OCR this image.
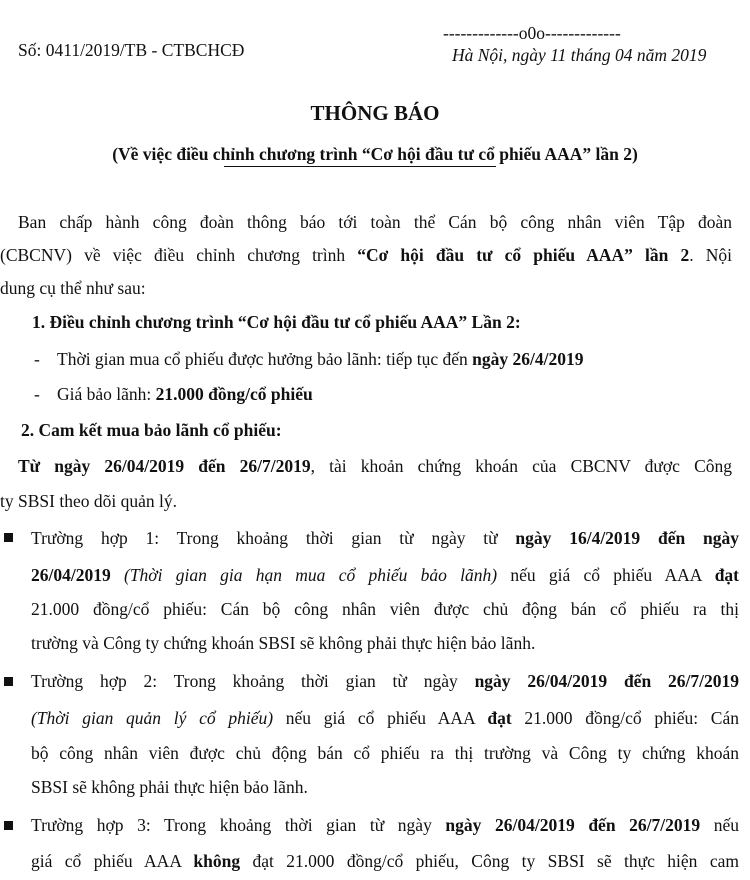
Số: 0411/2019/TB - CTBCHCĐ
-------------o0o-------------
Hà Nội, ngày 11 tháng 04 năm 2019
THÔNG BÁO
(Về việc điều chỉnh chương trình “Cơ hội đầu tư cổ phiếu AAA” lần 2)
Ban chấp hành công đoàn thông báo tới toàn thể Cán bộ công nhân viên Tập đoàn
(CBCNV) về việc điều chỉnh chương trình “Cơ hội đầu tư cổ phiếu AAA” lần 2. Nội
dung cụ thể như sau:
1. Điều chỉnh chương trình “Cơ hội đầu tư cổ phiếu AAA” Lần 2:
- Thời gian mua cổ phiếu được hưởng bảo lãnh: tiếp tục đến ngày 26/4/2019
- Giá bảo lãnh: 21.000 đồng/cổ phiếu
2. Cam kết mua bảo lãnh cổ phiếu:
Từ ngày 26/04/2019 đến 26/7/2019, tài khoản chứng khoán của CBCNV được Công
ty SBSI theo dõi quản lý.
Trường hợp 1: Trong khoảng thời gian từ ngày từ ngày 16/4/2019 đến ngày
26/04/2019 (Thời gian gia hạn mua cổ phiếu bảo lãnh) nếu giá cổ phiếu AAA đạt
21.000 đồng/cổ phiếu: Cán bộ công nhân viên được chủ động bán cổ phiếu ra thị
trường và Công ty chứng khoán SBSI sẽ không phải thực hiện bảo lãnh.
Trường hợp 2: Trong khoảng thời gian từ ngày ngày 26/04/2019 đến 26/7/2019
(Thời gian quản lý cổ phiếu) nếu giá cổ phiếu AAA đạt 21.000 đồng/cổ phiếu: Cán
bộ công nhân viên được chủ động bán cổ phiếu ra thị trường và Công ty chứng khoán
SBSI sẽ không phải thực hiện bảo lãnh.
Trường hợp 3: Trong khoảng thời gian từ ngày ngày 26/04/2019 đến 26/7/2019 nếu
giá cổ phiếu AAA không đạt 21.000 đồng/cổ phiếu, Công ty SBSI sẽ thực hiện cam
